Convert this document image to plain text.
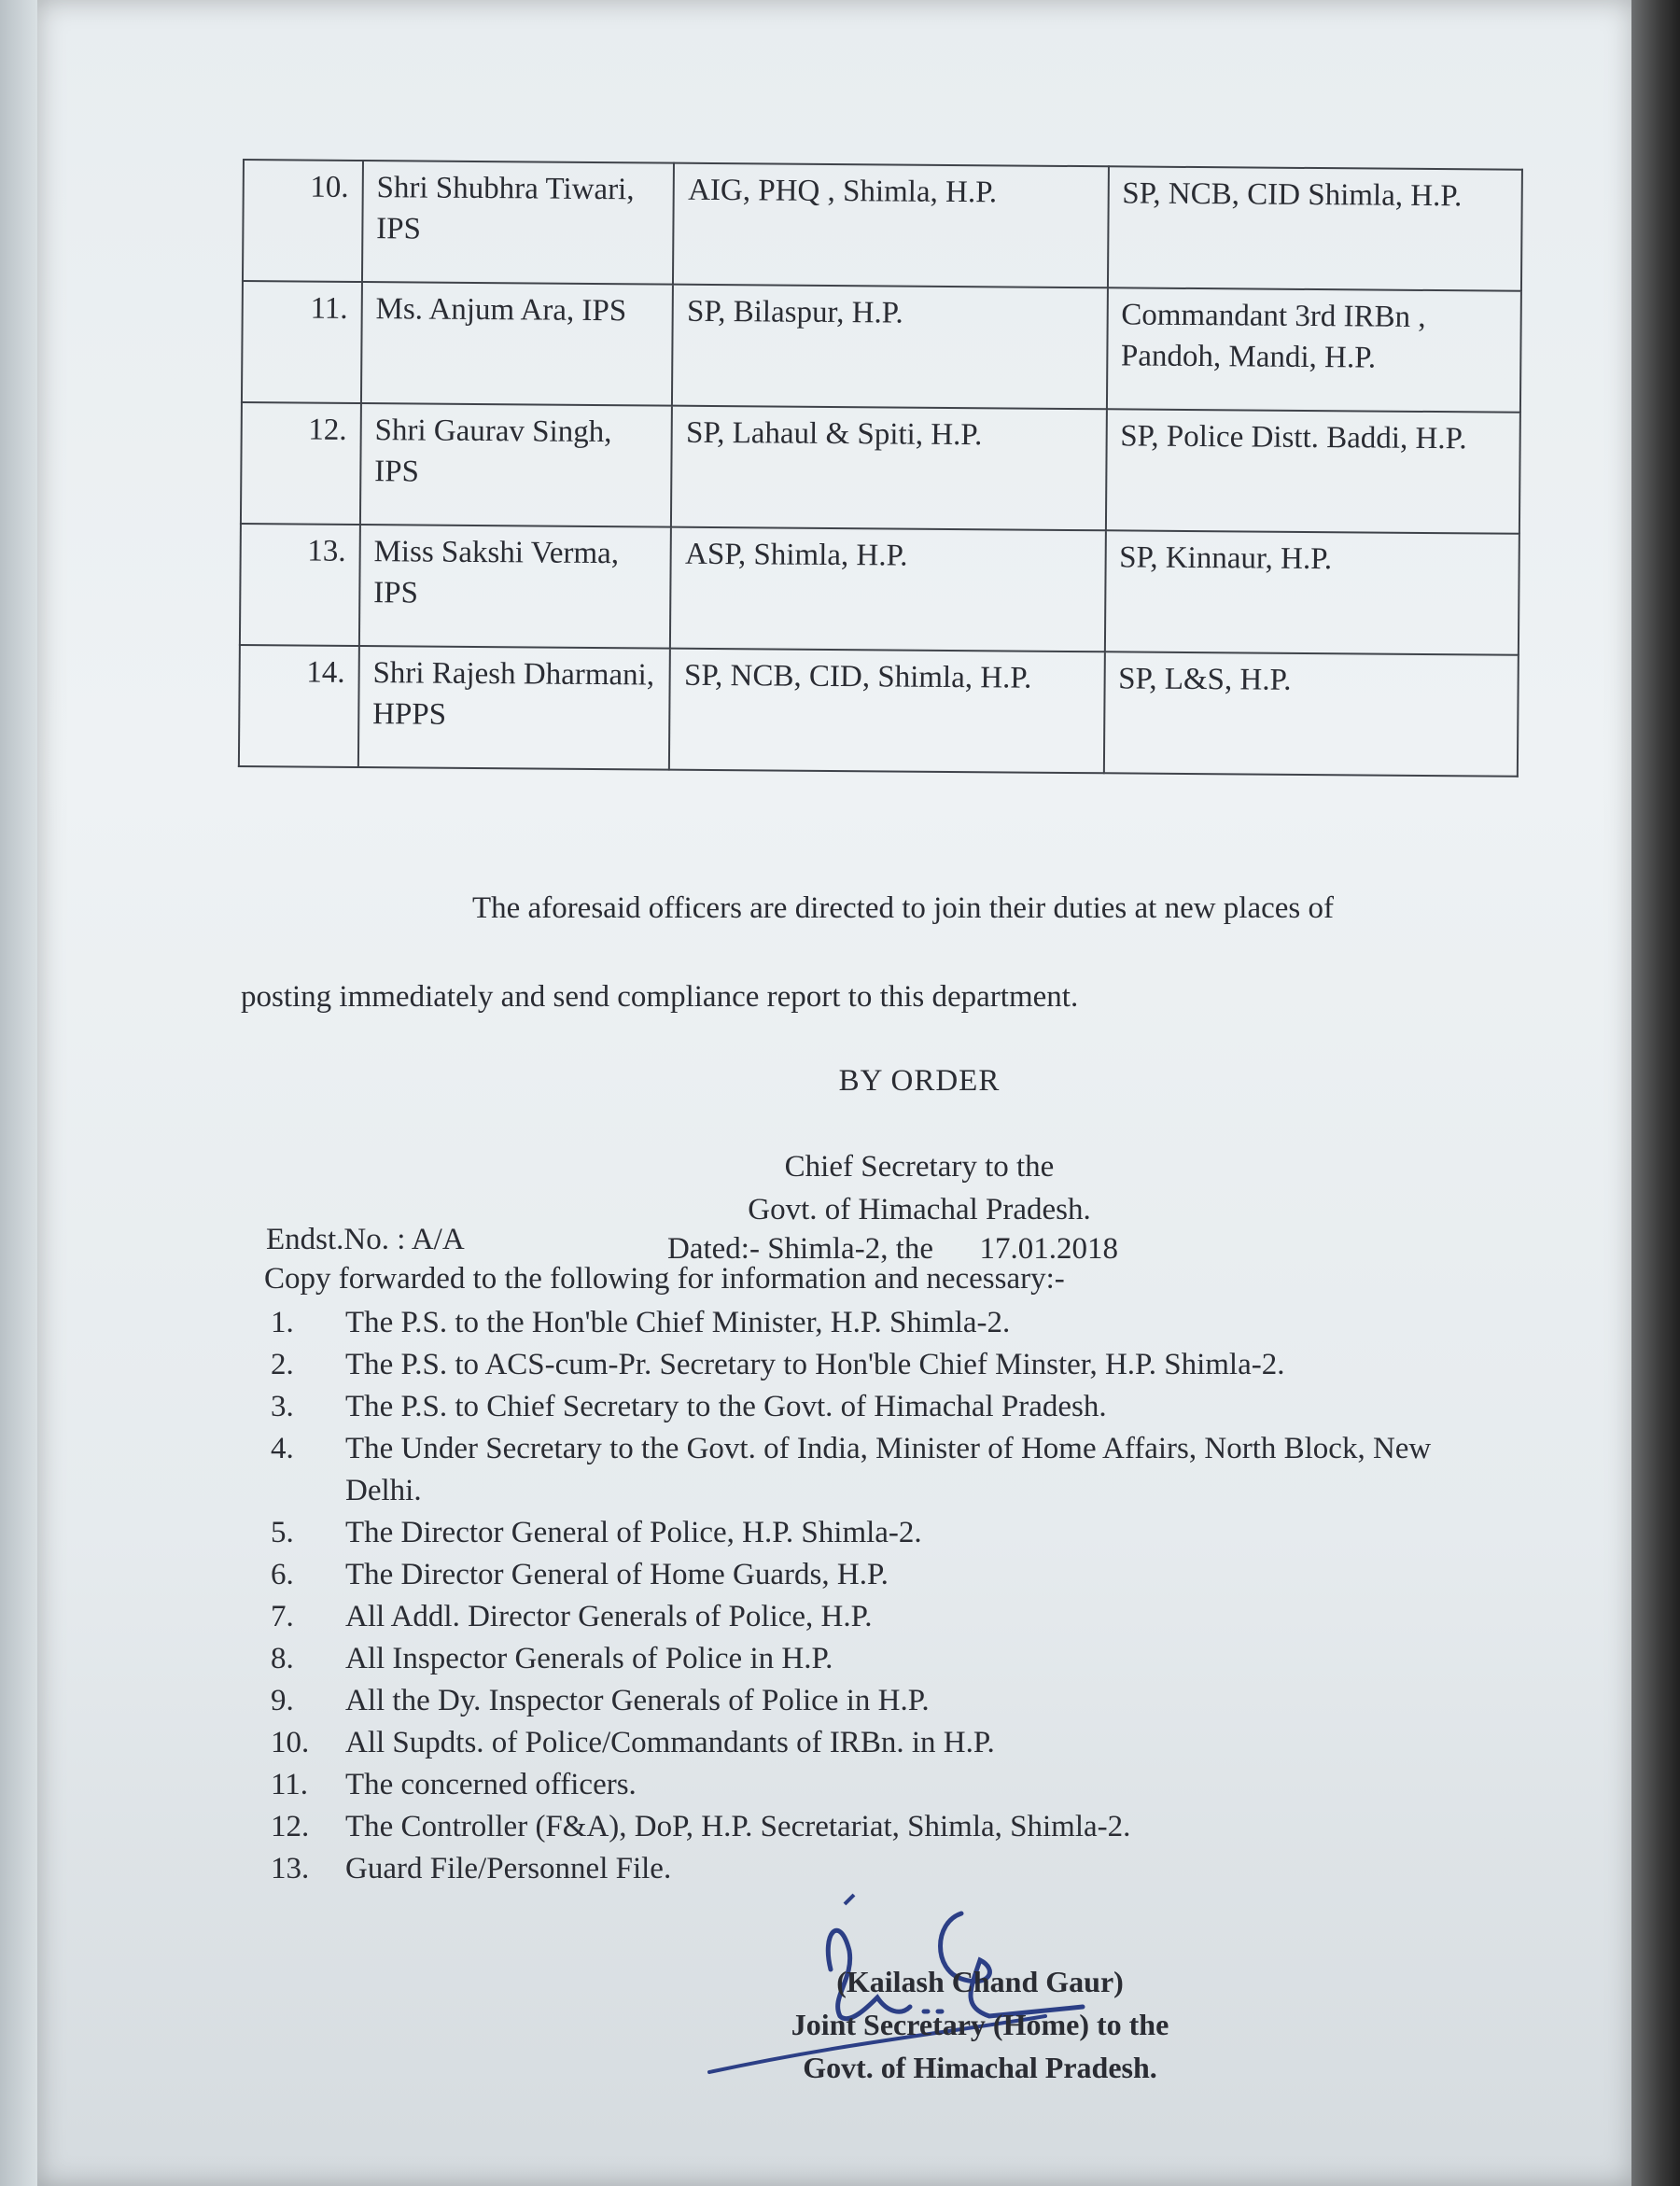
10.	Shri Shubhra Tiwari, IPS	AIG, PHQ , Shimla, H.P.	SP, NCB, CID Shimla, H.P.
11.	Ms. Anjum Ara, IPS	SP, Bilaspur, H.P.	Commandant 3rd IRBn , Pandoh, Mandi, H.P.
12.	Shri Gaurav Singh, IPS	SP, Lahaul & Spiti, H.P.	SP, Police Distt. Baddi, H.P.
13.	Miss Sakshi Verma, IPS	ASP, Shimla, H.P.	SP, Kinnaur, H.P.
14.	Shri Rajesh Dharmani, HPPS	SP, NCB, CID, Shimla, H.P.	SP, L&S, H.P.
The aforesaid officers are directed to join their duties at new places of
posting immediately and send compliance report to this department.
BY ORDER
Chief Secretary to the
Govt. of Himachal Pradesh.
Endst.No. : A/A	Dated:- Shimla-2, the      17.01.2018
Copy forwarded to the following for information and necessary:-
1.	The P.S. to the Hon'ble Chief Minister, H.P. Shimla-2.
2.	The P.S. to ACS-cum-Pr. Secretary to Hon'ble Chief Minster, H.P. Shimla-2.
3.	The P.S. to Chief Secretary to the Govt. of Himachal Pradesh.
4.	The Under Secretary to the Govt. of India, Minister of Home Affairs, North Block, New Delhi.
5.	The Director General of Police, H.P. Shimla-2.
6.	The Director General of Home Guards, H.P.
7.	All Addl. Director Generals of Police, H.P.
8.	All Inspector Generals of Police in H.P.
9.	All the Dy. Inspector Generals of Police in H.P.
10.	All Supdts. of Police/Commandants of IRBn. in H.P.
11.	The concerned officers.
12.	The Controller (F&A), DoP, H.P. Secretariat, Shimla, Shimla-2.
13.	Guard File/Personnel File.
(Kailash Chand Gaur)
Joint Secretary (Home) to the
Govt. of Himachal Pradesh.
